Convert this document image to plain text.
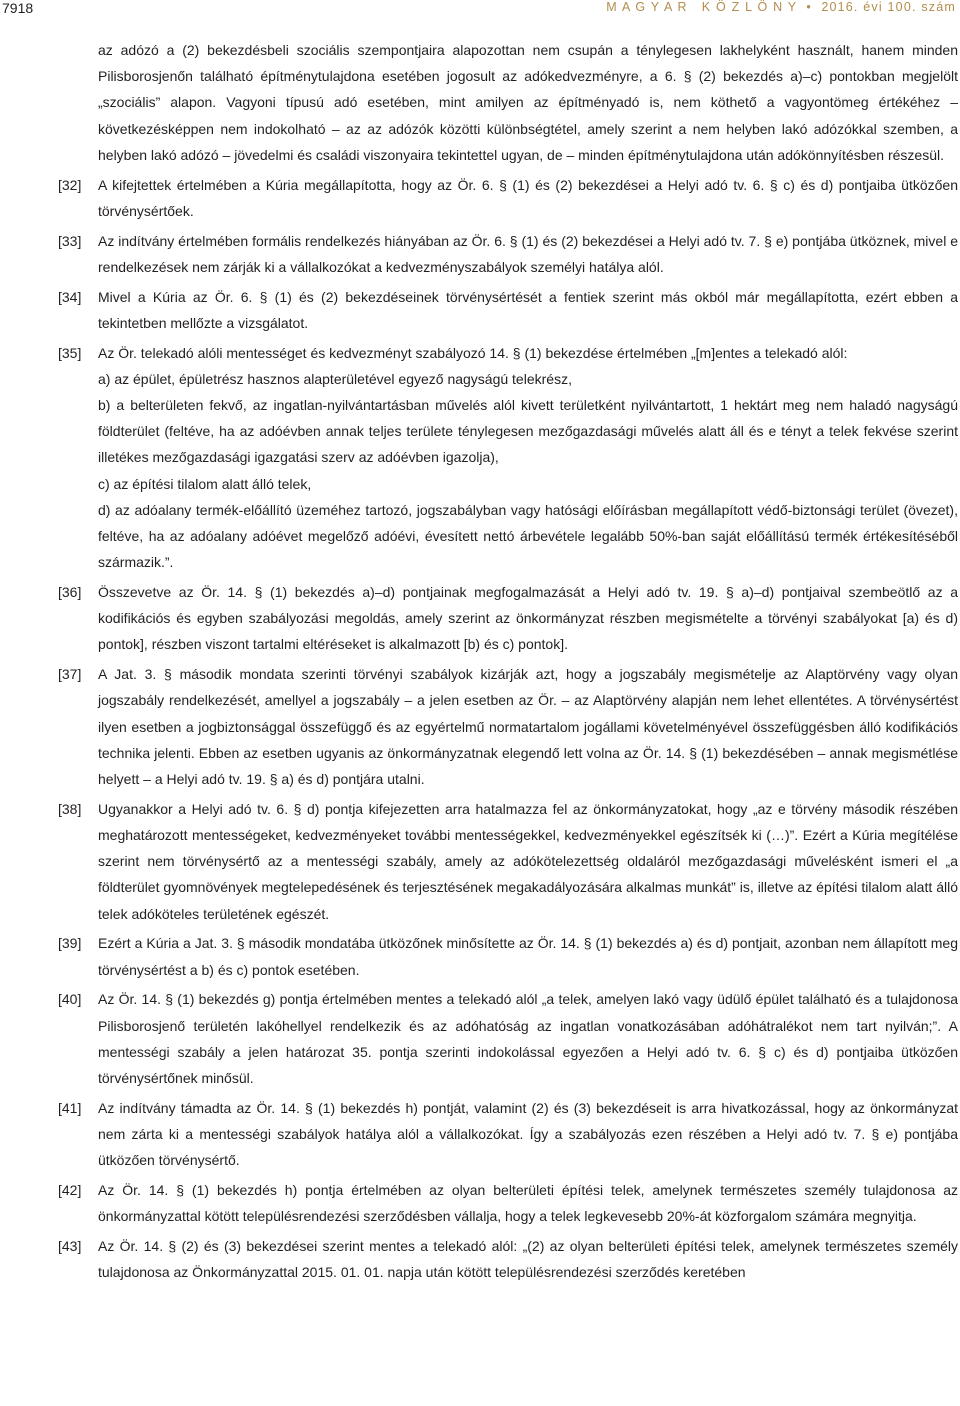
7918	M A G Y A R   K Ö Z L Ö N Y  •  2016. évi 100. szám
az adózó a (2) bekezdésbeli szociális szempontjaira alapozottan nem csupán a ténylegesen lakhelyként használt, hanem minden Pilisborosjenőn található építménytulajdona esetében jogosult az adókedvezményre, a 6. § (2) bekezdés a)–c) pontokban megjelölt „szociális” alapon. Vagyoni típusú adó esetében, mint amilyen az építményadó is, nem köthető a vagyontömeg értékéhez – következésképpen nem indokolható – az az adózók közötti különbségtétel, amely szerint a nem helyben lakó adózókkal szemben, a helyben lakó adózó – jövedelmi és családi viszonyaira tekintettel ugyan, de – minden építménytulajdona után adókönnyítésben részesül.
[32] A kifejtettek értelmében a Kúria megállapította, hogy az Ör. 6. § (1) és (2) bekezdései a Helyi adó tv. 6. § c) és d) pontjaiba ütközően törvénysértőek.
[33] Az indítvány értelmében formális rendelkezés hiányában az Ör. 6. § (1) és (2) bekezdései a Helyi adó tv. 7. § e) pontjába ütköznek, mivel e rendelkezések nem zárják ki a vállalkozókat a kedvezményszabályok személyi hatálya alól.
[34] Mivel a Kúria az Ör. 6. § (1) és (2) bekezdéseinek törvénysértését a fentiek szerint más okból már megállapította, ezért ebben a tekintetben mellőzte a vizsgálatot.
[35] Az Ör. telekadó alóli mentességet és kedvezményt szabályozó 14. § (1) bekezdése értelmében „[m]entes a telekadó alól:
a) az épület, épületrész hasznos alapterületével egyező nagyságú telekrész,
b) a belterületen fekvő, az ingatlan-nyilvántartásban művelés alól kivett területként nyilvántartott, 1 hektárt meg nem haladó nagyságú földterület (feltéve, ha az adóévben annak teljes területe ténylegesen mezőgazdasági művelés alatt áll és e tényt a telek fekvése szerint illetékes mezőgazdasági igazgatási szerv az adóévben igazolja),
c) az építési tilalom alatt álló telek,
d) az adóalany termék-előállító üzeméhez tartozó, jogszabályban vagy hatósági előírásban megállapított védő-biztonsági terület (övezet), feltéve, ha az adóalany adóévet megelőző adóévi, évesített nettó árbevétele legalább 50%-ban saját előállítású termék értékesítéséből származik.”.
[36] Összevetve az Ör. 14. § (1) bekezdés a)–d) pontjainak megfogalmazását a Helyi adó tv. 19. § a)–d) pontjaival szembeötlő az a kodifikációs és egyben szabályozási megoldás, amely szerint az önkormányzat részben megismételte a törvényi szabályokat [a) és d) pontok], részben viszont tartalmi eltéréseket is alkalmazott [b) és c) pontok].
[37] A Jat. 3. § második mondata szerinti törvényi szabályok kizárják azt, hogy a jogszabály megismételje az Alaptörvény vagy olyan jogszabály rendelkezését, amellyel a jogszabály – a jelen esetben az Ör. – az Alaptörvény alapján nem lehet ellentétes. A törvénysértést ilyen esetben a jogbiztonsággal összefüggő és az egyértelmű normatartalom jogállami követelményével összefüggésben álló kodifikációs technika jelenti. Ebben az esetben ugyanis az önkormányzatnak elegendő lett volna az Ör. 14. § (1) bekezdésében – annak megismétlése helyett – a Helyi adó tv. 19. § a) és d) pontjára utalni.
[38] Ugyanakkor a Helyi adó tv. 6. § d) pontja kifejezetten arra hatalmazza fel az önkormányzatokat, hogy „az e törvény második részében meghatározott mentességeket, kedvezményeket további mentességekkel, kedvezményekkel egészítsék ki (…)”. Ezért a Kúria megítélése szerint nem törvénysértő az a mentességi szabály, amely az adókötelezettség oldaláról mezőgazdasági művelésként ismeri el „a földterület gyomnövények megtelepedésének és terjesztésének megakadályozására alkalmas munkát” is, illetve az építési tilalom alatt álló telek adóköteles területének egészét.
[39] Ezért a Kúria a Jat. 3. § második mondatába ütközőnek minősítette az Ör. 14. § (1) bekezdés a) és d) pontjait, azonban nem állapított meg törvénysértést a b) és c) pontok esetében.
[40] Az Ör. 14. § (1) bekezdés g) pontja értelmében mentes a telekadó alól „a telek, amelyen lakó vagy üdülő épület található és a tulajdonosa Pilisborosjenő területén lakóhellyel rendelkezik és az adóhatóság az ingatlan vonatkozásában adóhátralékot nem tart nyilván;”. A mentességi szabály a jelen határozat 35. pontja szerinti indokolással egyezően a Helyi adó tv. 6. § c) és d) pontjaiba ütközően törvénysértőnek minősül.
[41] Az indítvány támadta az Ör. 14. § (1) bekezdés h) pontját, valamint (2) és (3) bekezdéseit is arra hivatkozással, hogy az önkormányzat nem zárta ki a mentességi szabályok hatálya alól a vállalkozókat. Így a szabályozás ezen részében a Helyi adó tv. 7. § e) pontjába ütközően törvénysértő.
[42] Az Ör. 14. § (1) bekezdés h) pontja értelmében az olyan belterületi építési telek, amelynek természetes személy tulajdonosa az önkormányzattal kötött településrendezési szerződésben vállalja, hogy a telek legkevesebb 20%-át közforgalom számára megnyitja.
[43] Az Ör. 14. § (2) és (3) bekezdései szerint mentes a telekadó alól: „(2) az olyan belterületi építési telek, amelynek természetes személy tulajdonosa az Önkormányzattal 2015. 01. 01. napja után kötött településrendezési szerződés keretében
